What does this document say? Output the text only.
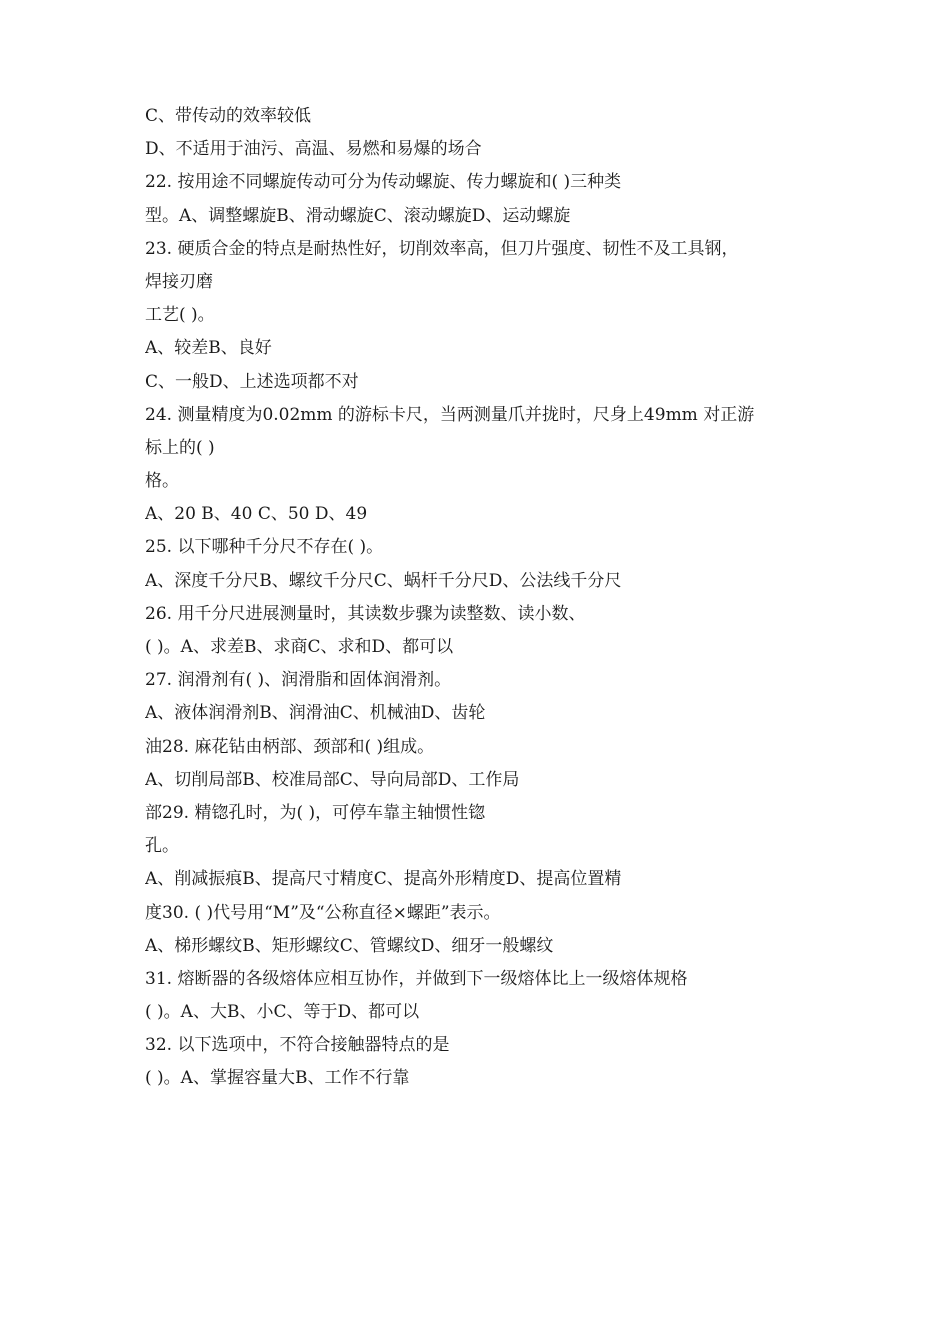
C、带传动的效率较低
D、不适用于油污、高温、易燃和易爆的场合
22. 按用途不同螺旋传动可分为传动螺旋、传力螺旋和( )三种类
型。A、调整螺旋B、滑动螺旋C、滚动螺旋D、运动螺旋
23. 硬质合金的特点是耐热性好，切削效率高，但刀片强度、韧性不及工具钢，
焊接刃磨
工艺( )。
A、较差B、良好
C、一般D、上述选项都不对
24. 测量精度为0.02mm 的游标卡尺，当两测量爪并拢时，尺身上49mm 对正游
标上的( )
格。
A、20 B、40 C、50 D、49
25. 以下哪种千分尺不存在( )。
A、深度千分尺B、螺纹千分尺C、蜗杆千分尺D、公法线千分尺
26. 用千分尺进展测量时，其读数步骤为读整数、读小数、
( )。A、求差B、求商C、求和D、都可以
27. 润滑剂有( )、润滑脂和固体润滑剂。
A、液体润滑剂B、润滑油C、机械油D、齿轮
油28. 麻花钻由柄部、颈部和( )组成。
A、切削局部B、校准局部C、导向局部D、工作局
部29. 精锪孔时，为( )，可停车靠主轴惯性锪
孔。
A、削减振痕B、提高尺寸精度C、提高外形精度D、提高位置精
度30. ( )代号用“M”及“公称直径×螺距”表示。
A、梯形螺纹B、矩形螺纹C、管螺纹D、细牙一般螺纹
31. 熔断器的各级熔体应相互协作，并做到下一级熔体比上一级熔体规格
( )。A、大B、小C、等于D、都可以
32. 以下选项中，不符合接触器特点的是
( )。A、掌握容量大B、工作不行靠
